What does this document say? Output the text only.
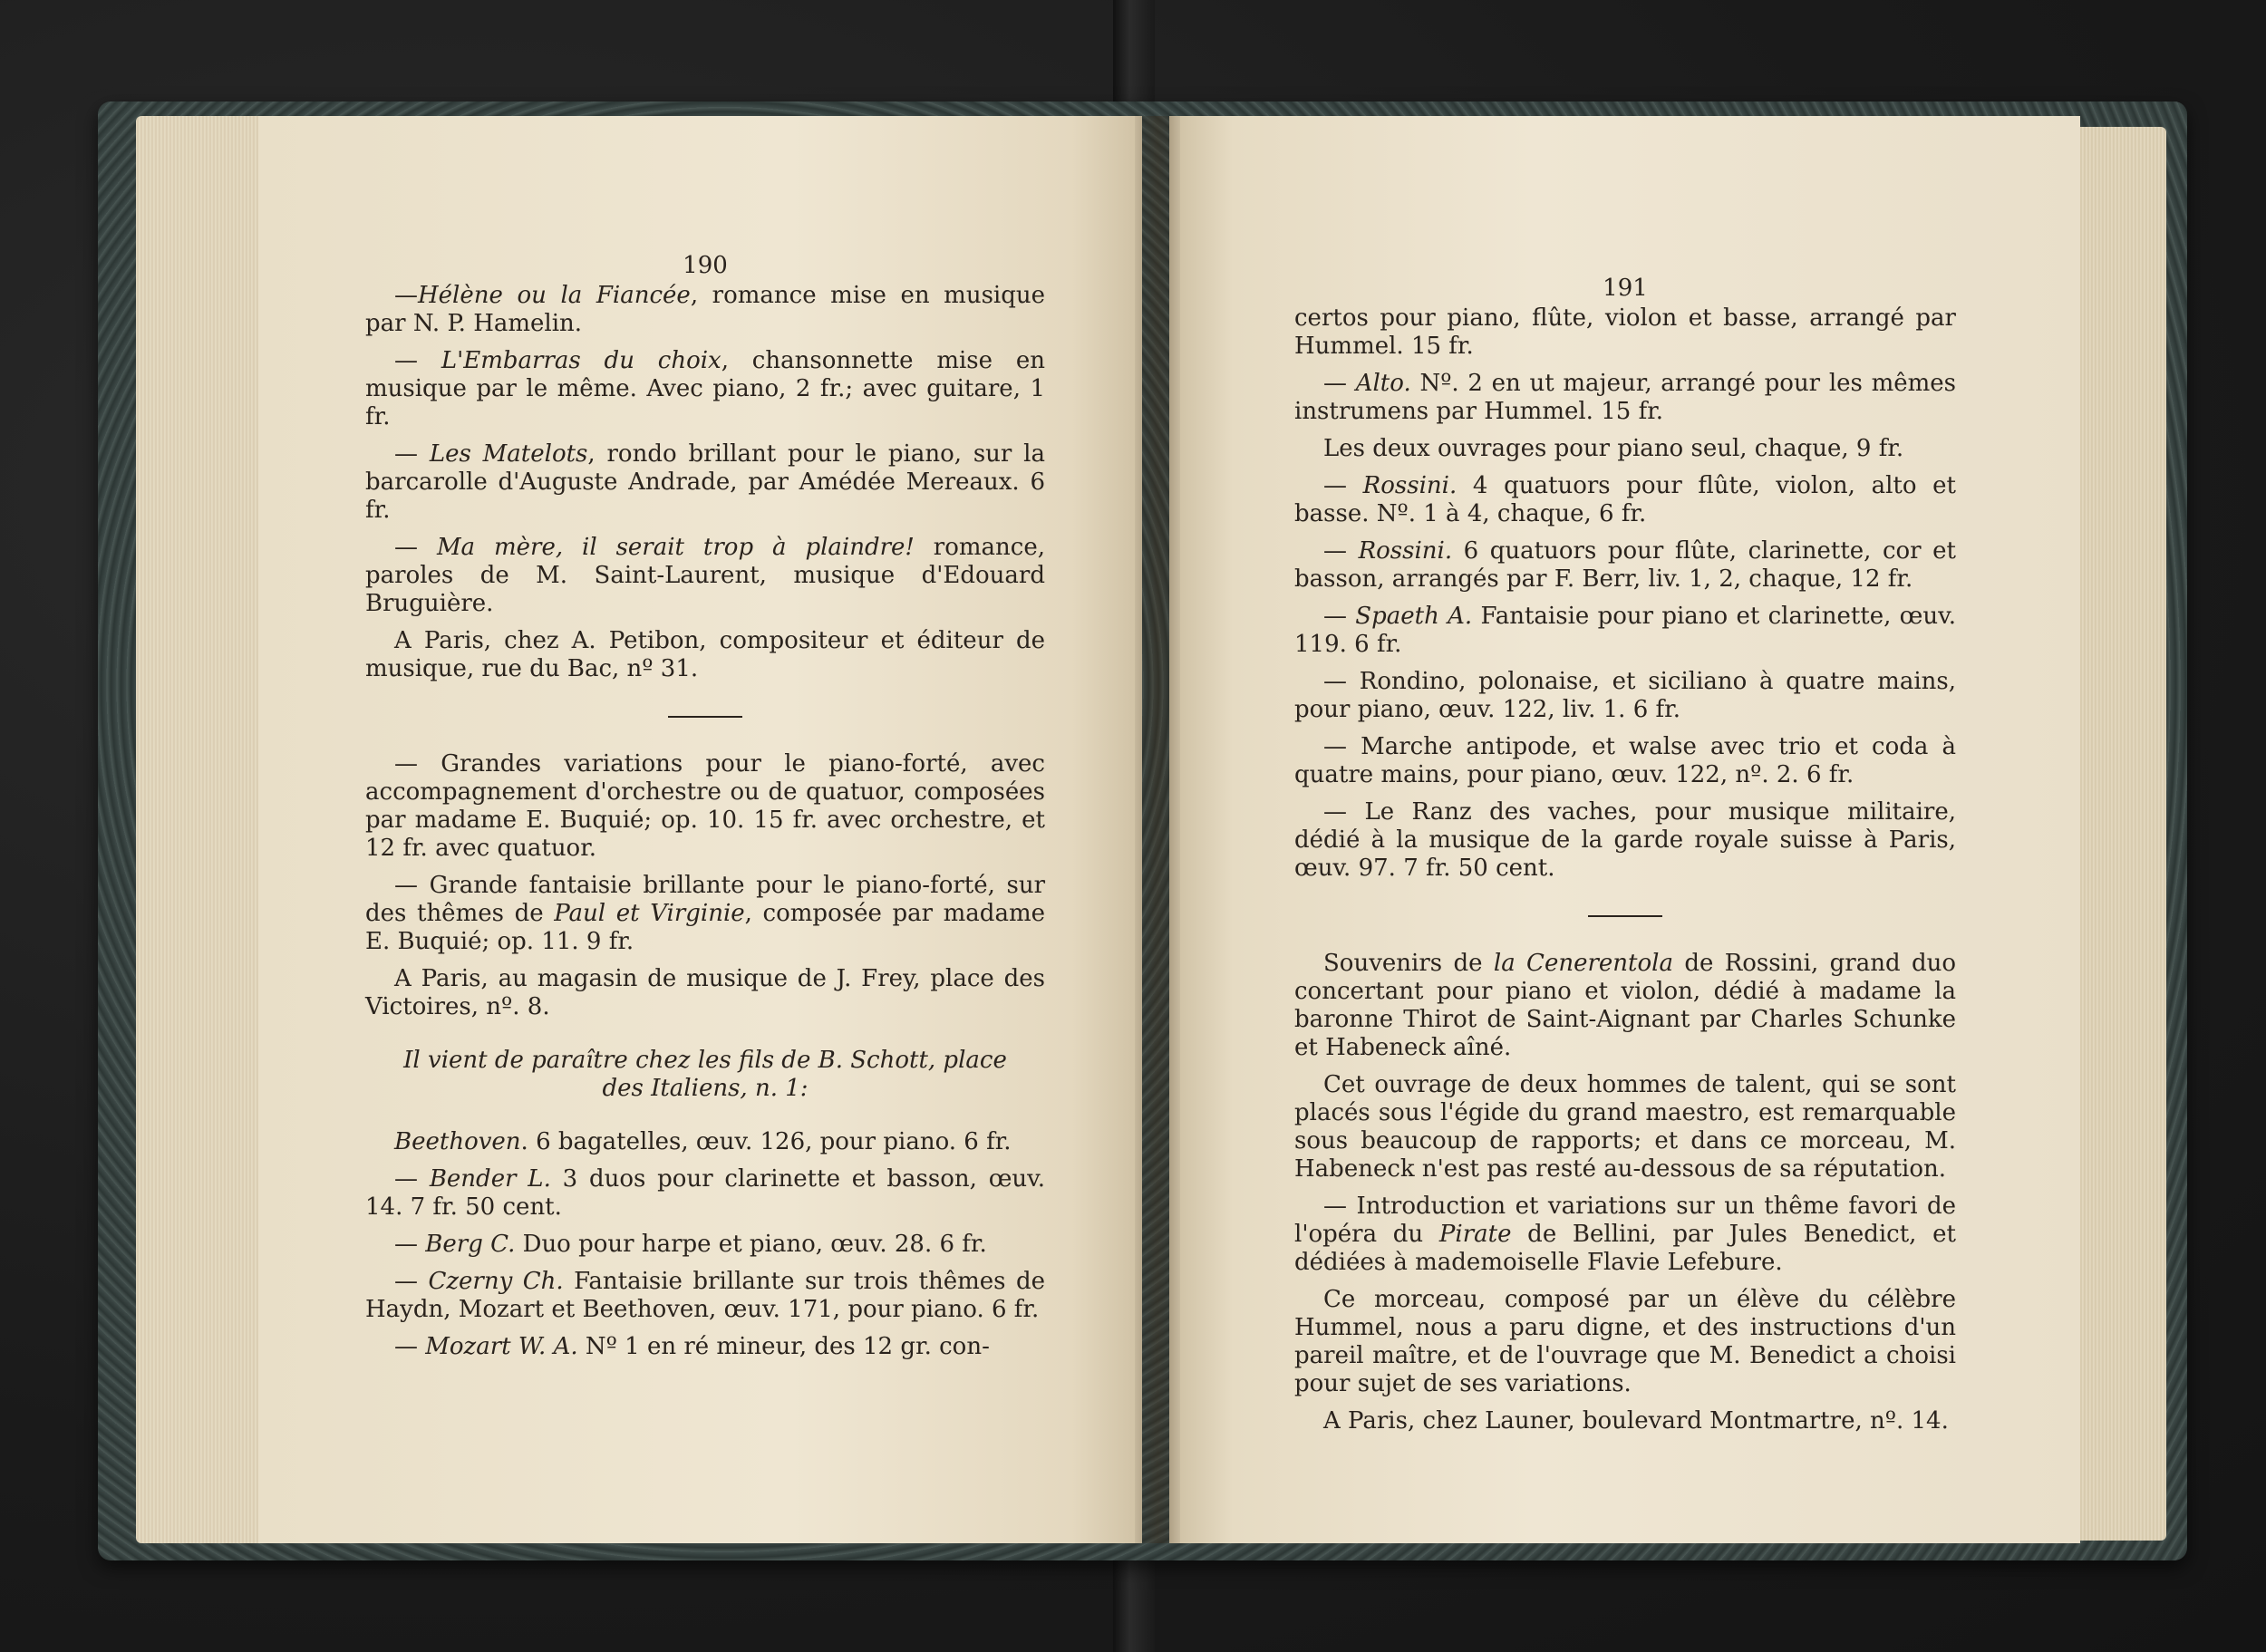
190

—Hélène ou la Fiancée, romance mise en musique par N. P. Hamelin.

— L'Embarras du choix, chansonnette mise en musique par le même. Avec piano, 2 fr.; avec guitare, 1 fr.

— Les Matelots, rondo brillant pour le piano, sur la barcarolle d'Auguste Andrade, par Amédée Mereaux. 6 fr.

— Ma mère, il serait trop à plaindre! romance, paroles de M. Saint-Laurent, musique d'Edouard Bruguière.

A Paris, chez A. Petibon, compositeur et éditeur de musique, rue du Bac, nº 31.

— Grandes variations pour le piano-forté, avec accompagnement d'orchestre ou de quatuor, composées par madame E. Buquié; op. 10. 15 fr. avec orchestre, et 12 fr. avec quatuor.

— Grande fantaisie brillante pour le piano-forté, sur des thêmes de Paul et Virginie, composée par madame E. Buquié; op. 11. 9 fr.

A Paris, au magasin de musique de J. Frey, place des Victoires, nº. 8.

Il vient de paraître chez les fils de B. Schott, place des Italiens, n. 1:

Beethoven. 6 bagatelles, œuv. 126, pour piano. 6 fr.

— Bender L. 3 duos pour clarinette et basson, œuv. 14. 7 fr. 50 cent.

— Berg C. Duo pour harpe et piano, œuv. 28. 6 fr.

— Czerny Ch. Fantaisie brillante sur trois thêmes de Haydn, Mozart et Beethoven, œuv. 171, pour piano. 6 fr.

— Mozart W. A. Nº 1 en ré mineur, des 12 gr. con-

191

certos pour piano, flûte, violon et basse, arrangé par Hummel. 15 fr.

— Alto. Nº. 2 en ut majeur, arrangé pour les mêmes instrumens par Hummel. 15 fr.

Les deux ouvrages pour piano seul, chaque, 9 fr.

— Rossini. 4 quatuors pour flûte, violon, alto et basse. Nº. 1 à 4, chaque, 6 fr.

— Rossini. 6 quatuors pour flûte, clarinette, cor et basson, arrangés par F. Berr, liv. 1, 2, chaque, 12 fr.

— Spaeth A. Fantaisie pour piano et clarinette, œuv. 119. 6 fr.

— Rondino, polonaise, et siciliano à quatre mains, pour piano, œuv. 122, liv. 1. 6 fr.

— Marche antipode, et walse avec trio et coda à quatre mains, pour piano, œuv. 122, nº. 2. 6 fr.

— Le Ranz des vaches, pour musique militaire, dédié à la musique de la garde royale suisse à Paris, œuv. 97. 7 fr. 50 cent.

Souvenirs de la Cenerentola de Rossini, grand duo concertant pour piano et violon, dédié à madame la baronne Thirot de Saint-Aignant par Charles Schunke et Habeneck aîné.

Cet ouvrage de deux hommes de talent, qui se sont placés sous l'égide du grand maestro, est remarquable sous beaucoup de rapports; et dans ce morceau, M. Habeneck n'est pas resté au-dessous de sa réputation.

— Introduction et variations sur un thême favori de l'opéra du Pirate de Bellini, par Jules Benedict, et dédiées à mademoiselle Flavie Lefebure.

Ce morceau, composé par un élève du célèbre Hummel, nous a paru digne, et des instructions d'un pareil maître, et de l'ouvrage que M. Benedict a choisi pour sujet de ses variations.

A Paris, chez Launer, boulevard Montmartre, nº. 14.
